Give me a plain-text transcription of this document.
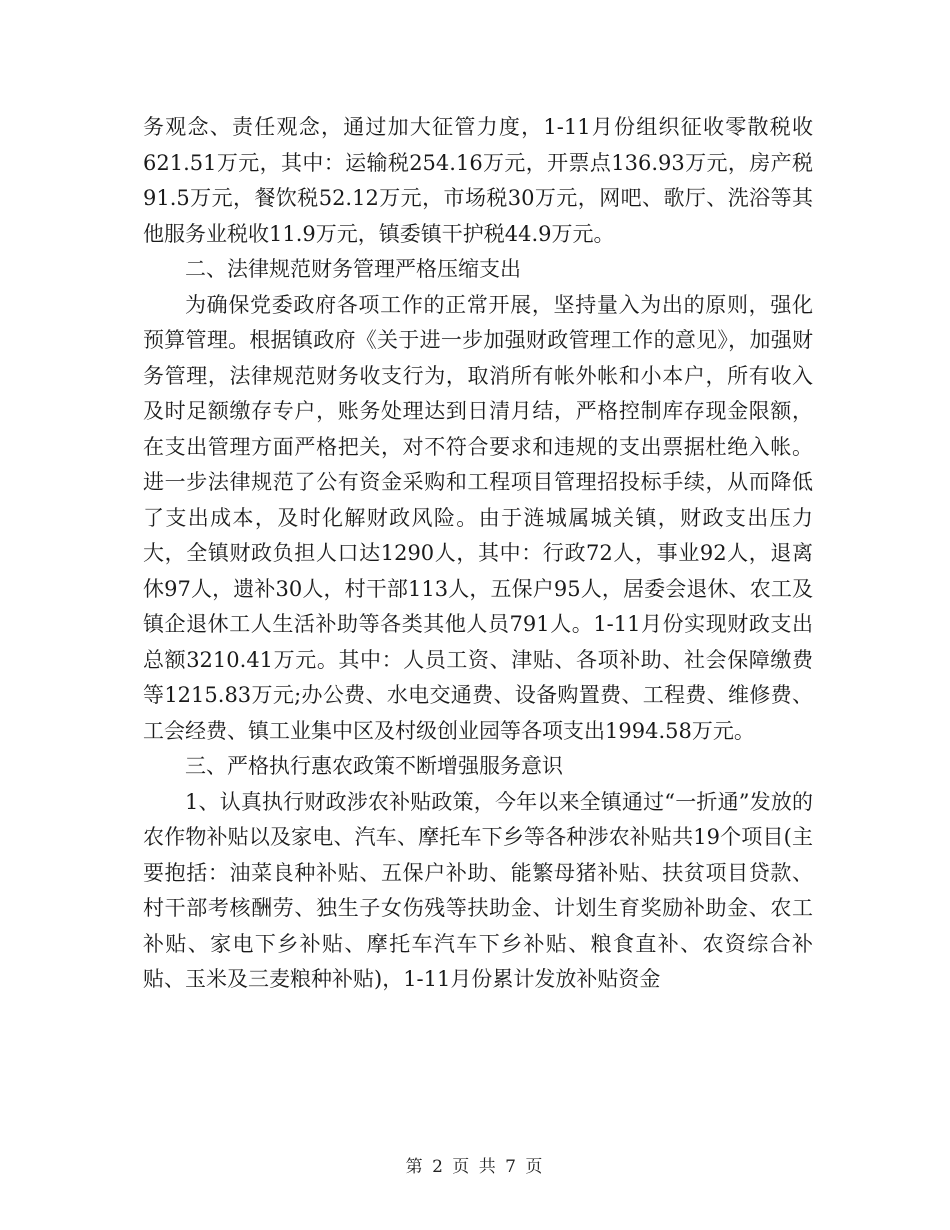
务观念、责任观念，通过加大征管力度，1-11月份组织征收零散税收621.51万元，其中：运输税254.16万元，开票点136.93万元，房产税91.5万元，餐饮税52.12万元，市场税30万元，网吧、歌厅、洗浴等其他服务业税收11.9万元，镇委镇干护税44.9万元。

二、法律规范财务管理严格压缩支出

为确保党委政府各项工作的正常开展，坚持量入为出的原则，强化预算管理。根据镇政府《关于进一步加强财政管理工作的意见》，加强财务管理，法律规范财务收支行为，取消所有帐外帐和小本户，所有收入及时足额缴存专户，账务处理达到日清月结，严格控制库存现金限额，在支出管理方面严格把关，对不符合要求和违规的支出票据杜绝入帐。进一步法律规范了公有资金采购和工程项目管理招投标手续，从而降低了支出成本，及时化解财政风险。由于涟城属城关镇，财政支出压力大，全镇财政负担人口达1290人，其中：行政72人，事业92人，退离休97人，遗补30人，村干部113人，五保户95人，居委会退休、农工及镇企退休工人生活补助等各类其他人员791人。1-11月份实现财政支出总额3210.41万元。其中：人员工资、津贴、各项补助、社会保障缴费等1215.83万元;办公费、水电交通费、设备购置费、工程费、维修费、工会经费、镇工业集中区及村级创业园等各项支出1994.58万元。

三、严格执行惠农政策不断增强服务意识

1、认真执行财政涉农补贴政策，今年以来全镇通过“一折通”发放的农作物补贴以及家电、汽车、摩托车下乡等各种涉农补贴共19个项目(主要抱括：油菜良种补贴、五保户补助、能繁母猪补贴、扶贫项目贷款、村干部考核酬劳、独生子女伤残等扶助金、计划生育奖励补助金、农工补贴、家电下乡补贴、摩托车汽车下乡补贴、粮食直补、农资综合补贴、玉米及三麦粮种补贴)，1-11月份累计发放补贴资金

第 2 页 共 7 页
